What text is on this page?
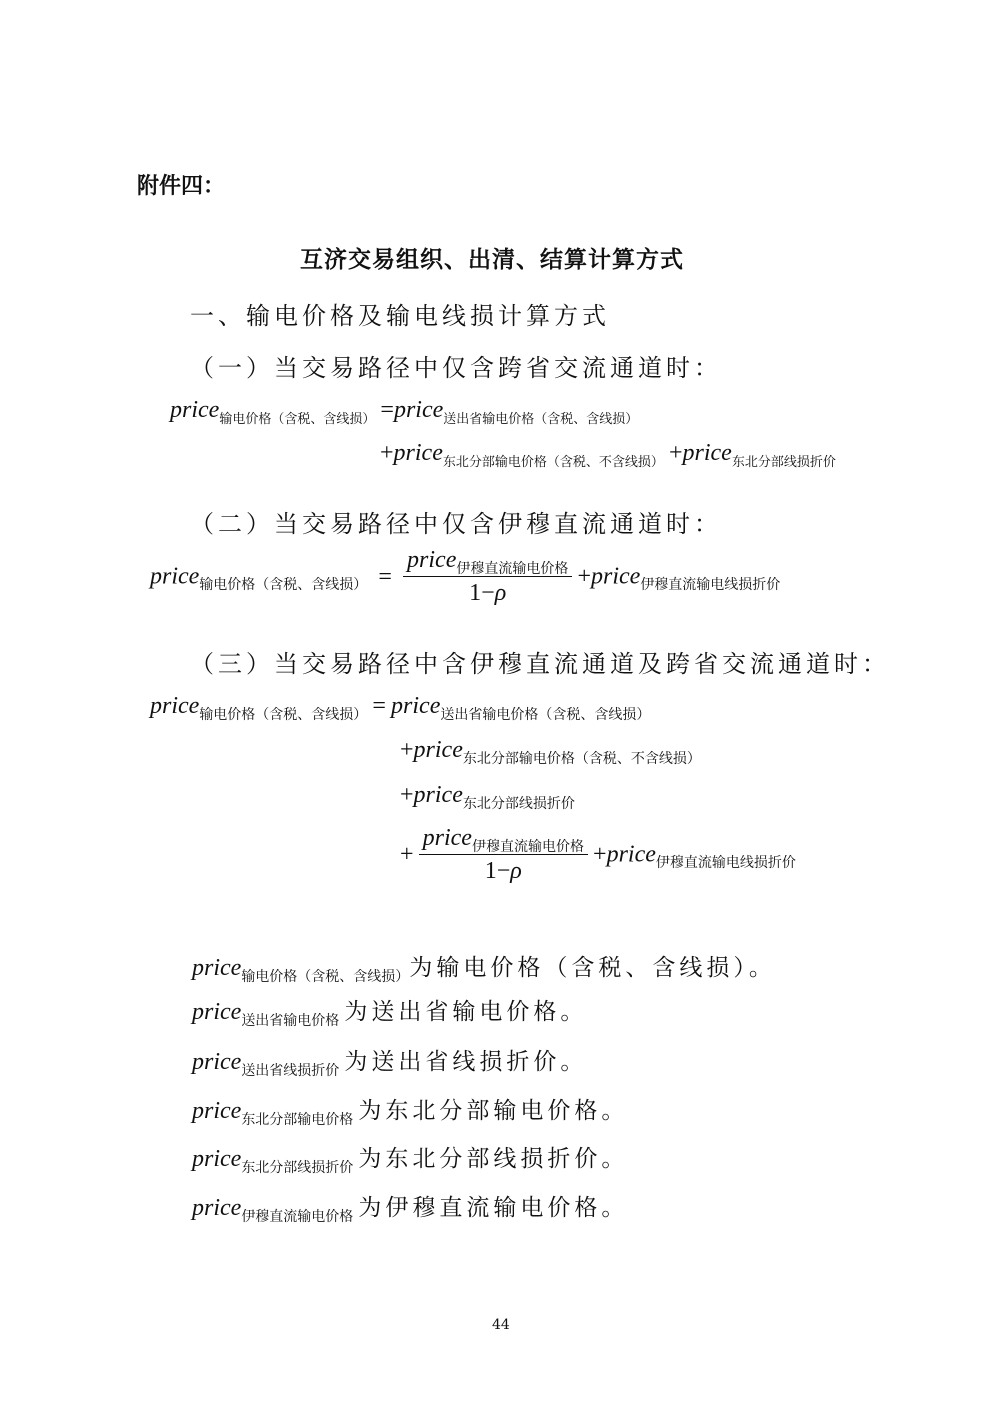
附件四：
互济交易组织、出清、结算计算方式
一、输电价格及输电线损计算方式
（一）当交易路径中仅含跨省交流通道时：
price$_{输电价格(含税、含线损)}$ =price$_{送出省输电价格(含税、含线损)}$
+price$_{东北分部输电价格(含税、不含线损)}$ +price$_{东北分部线损折价}$
（二）当交易路径中仅含伊穆直流通道时：
price输电价格（含税、含线损） = $\frac{\text{price伊穆直流输电价格}}{1-\rho}$ +price伊穆直流输电线损折价
（三）当交易路径中含伊穆直流通道及跨省交流通道时：
price输电价格（含税、含线损） = price送出省输电价格（含税、含线损）
+price东北分部输电价格（含税、不含线损）
+price东北分部线损折价
+ $\frac{\text{price伊穆直流输电价格}}{1-\rho}$ +price伊穆直流输电线损折价
price输电价格（含税、含线损）为输电价格（含税、含线损）。
price送出省输电价格 为送出省输电价格。
price送出省线损折价 为送出省线损折价。
price东北分部输电价格 为东北分部输电价格。
price东北分部线损折价 为东北分部线损折价。
price伊穆直流输电价格 为伊穆直流输电价格。
44
